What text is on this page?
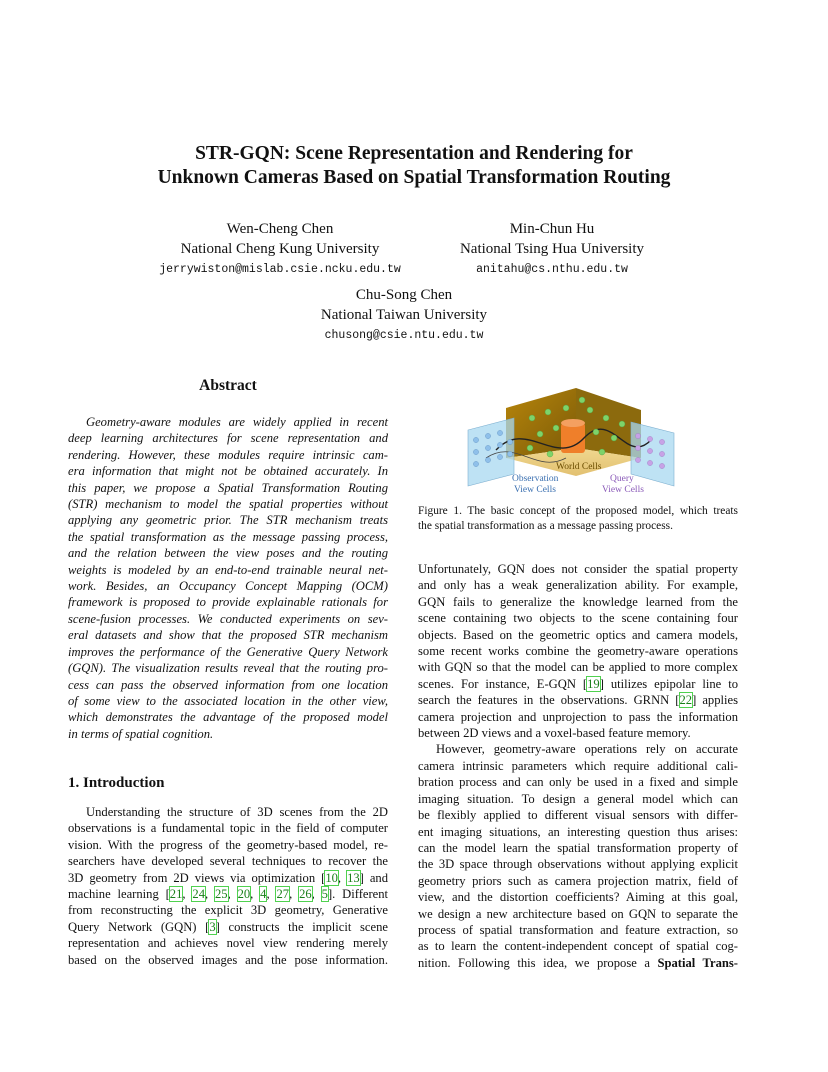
STR-GQN: Scene Representation and Rendering for
Unknown Cameras Based on Spatial Transformation Routing
Wen-Cheng Chen
National Cheng Kung University
jerrywiston@mislab.csie.ncku.edu.tw
Min-Chun Hu
National Tsing Hua University
anitahu@cs.nthu.edu.tw
Chu-Song Chen
National Taiwan University
chusong@csie.ntu.edu.tw
Abstract
Geometry-aware modules are widely applied in recent
deep learning architectures for scene representation and
rendering. However, these modules require intrinsic cam-
era information that might not be obtained accurately. In
this paper, we propose a Spatial Transformation Routing
(STR) mechanism to model the spatial properties without
applying any geometric prior. The STR mechanism treats
the spatial transformation as the message passing process,
and the relation between the view poses and the routing
weights is modeled by an end-to-end trainable neural net-
work. Besides, an Occupancy Concept Mapping (OCM)
framework is proposed to provide explainable rationals for
scene-fusion processes. We conducted experiments on sev-
eral datasets and show that the proposed STR mechanism
improves the performance of the Generative Query Network
(GQN). The visualization results reveal that the routing pro-
cess can pass the observed information from one location
of some view to the associated location in the other view,
which demonstrates the advantage of the proposed model
in terms of spatial cognition.
1. Introduction
Understanding the structure of 3D scenes from the 2D
observations is a fundamental topic in the field of computer
vision. With the progress of the geometry-based model, re-
searchers have developed several techniques to recover the
3D geometry from 2D views via optimization [10, 13] and
machine learning [21, 24, 25, 20, 4, 27, 26, 5]. Different
from reconstructing the explicit 3D geometry, Generative
Query Network (GQN) [3] constructs the implicit scene
representation and achieves novel view rendering merely
based on the observed images and the pose information.
World Cells
Observation
View Cells
Query
View Cells
Figure 1. The basic concept of the proposed model, which treats
the spatial transformation as a message passing process.
Unfortunately, GQN does not consider the spatial property
and only has a weak generalization ability. For example,
GQN fails to generalize the knowledge learned from the
scene containing two objects to the scene containing four
objects. Based on the geometric optics and camera models,
some recent works combine the geometry-aware operations
with GQN so that the model can be applied to more complex
scenes. For instance, E-GQN [19] utilizes epipolar line to
search the features in the observations. GRNN [22] applies
camera projection and unprojection to pass the information
between 2D views and a voxel-based feature memory.
However, geometry-aware operations rely on accurate
camera intrinsic parameters which require additional cali-
bration process and can only be used in a fixed and simple
imaging situation. To design a general model which can
be flexibly applied to different visual sensors with differ-
ent imaging situations, an interesting question thus arises:
can the model learn the spatial transformation property of
the 3D space through observations without applying explicit
geometry priors such as camera projection matrix, field of
view, and the distortion coefficients? Aiming at this goal,
we design a new architecture based on GQN to separate the
process of spatial transformation and feature extraction, so
as to learn the content-independent concept of spatial cog-
nition. Following this idea, we propose a Spatial Trans-
